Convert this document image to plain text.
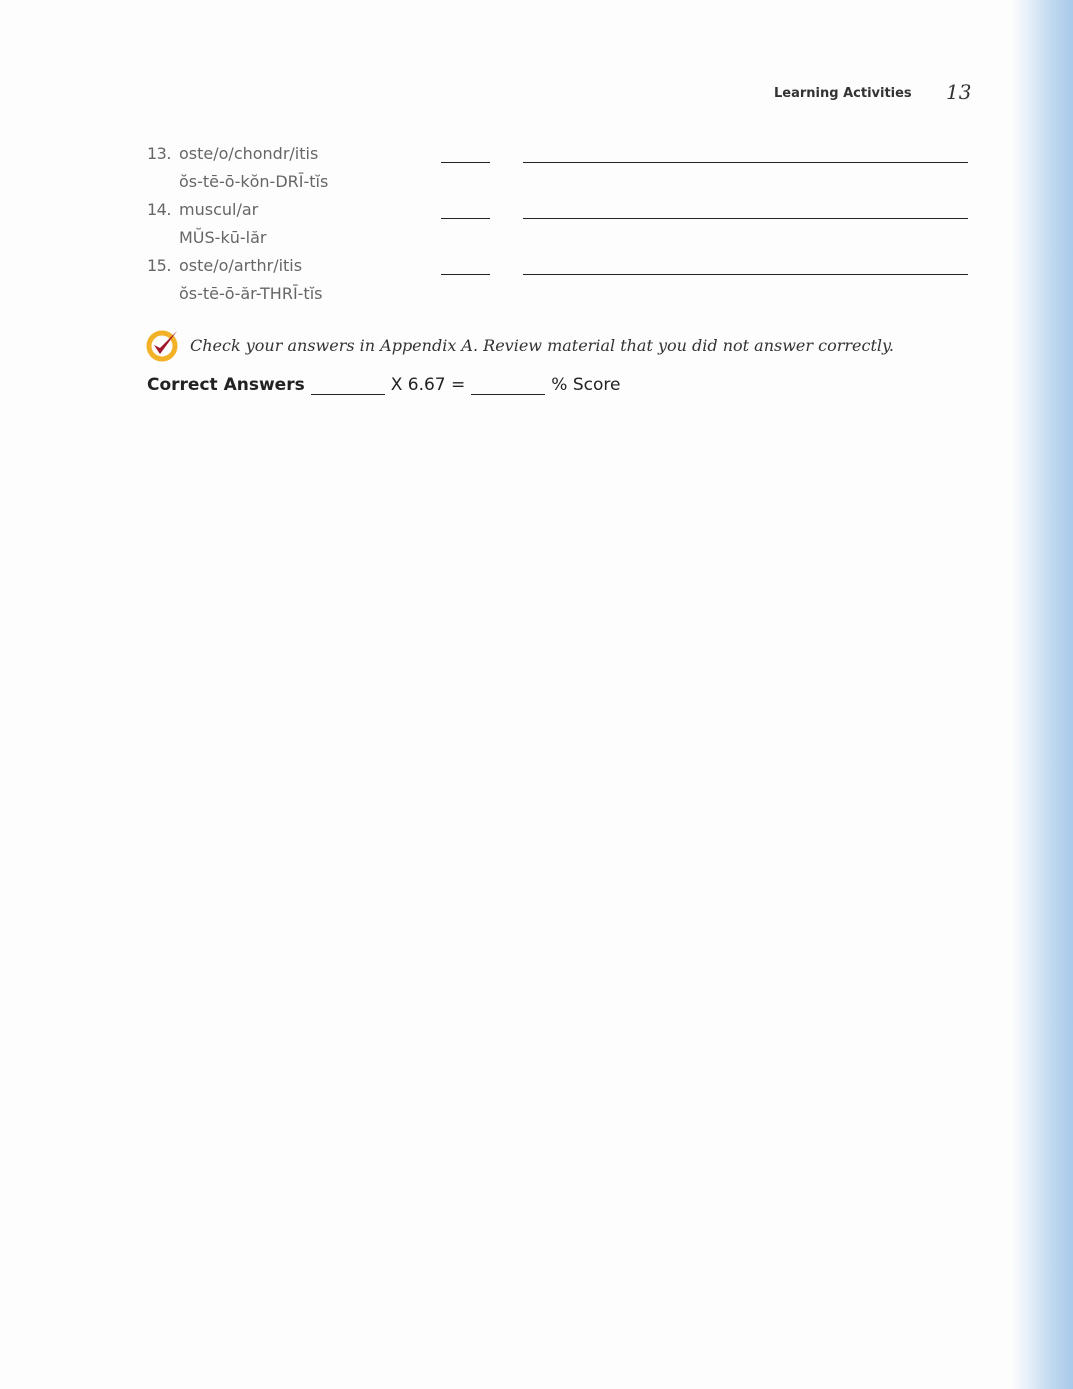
Learning Activities 13
13. oste/o/chondr/itis
ŏs-tē-ō-kŏn-DRĪ-tĭs
14. muscul/ar
MŬS-kū-lăr
15. oste/o/arthr/itis
ŏs-tē-ō-ăr-THRĪ-tĭs
Check your answers in Appendix A. Review material that you did not answer correctly.
Correct Answers	X 6.67 =	% Score
